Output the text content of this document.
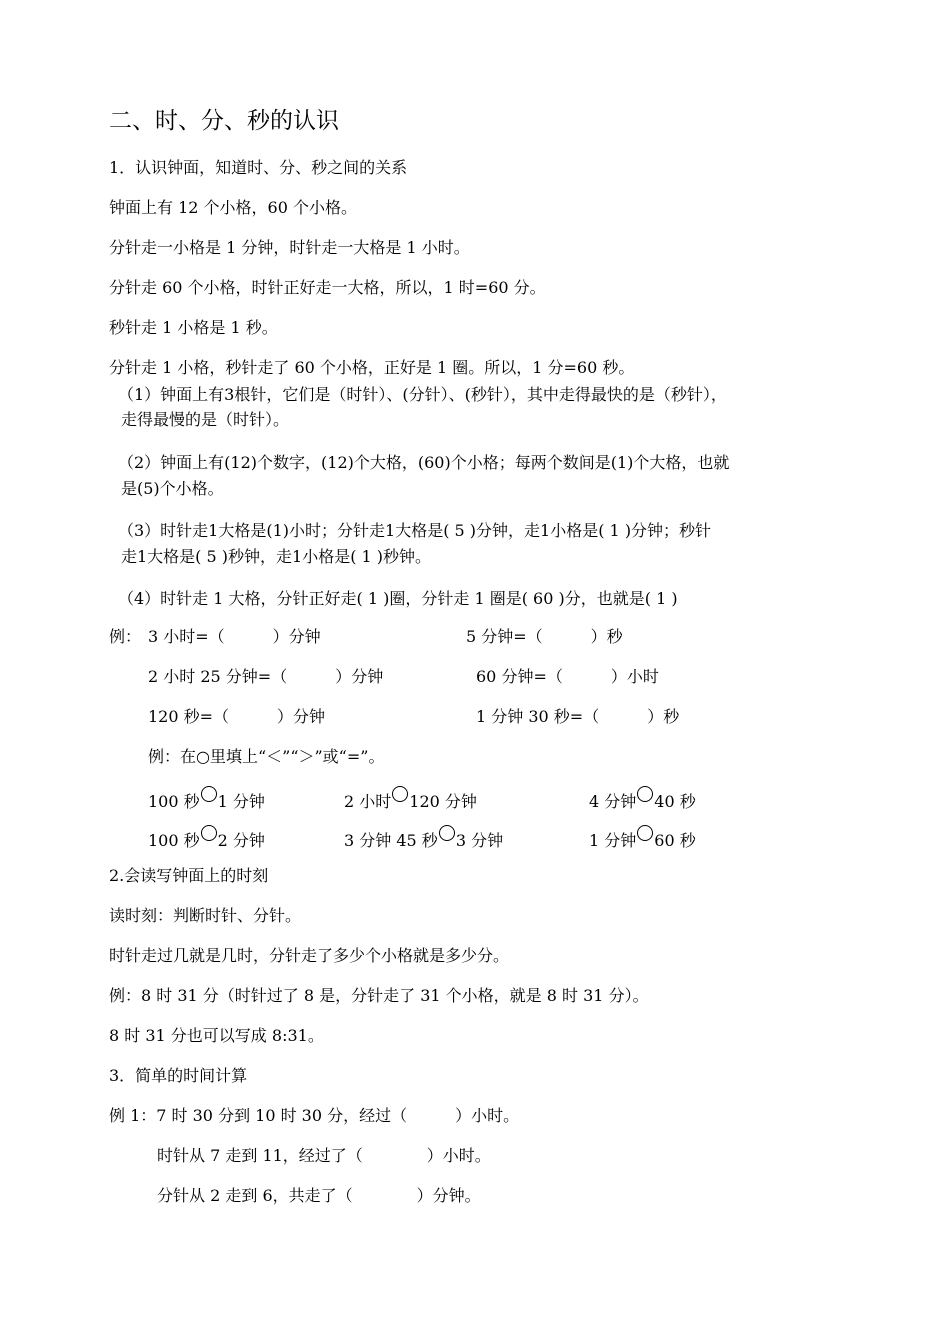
二、时、分、秒的认识
1．认识钟面，知道时、分、秒之间的关系
钟面上有 12 个小格，60 个小格。
分针走一小格是 1 分钟，时针走一大格是 1 小时。
分针走 60 个小格，时针正好走一大格，所以，1 时=60 分。
秒针走 1 小格是 1 秒。
分针走 1 小格，秒针走了 60 个小格，正好是 1 圈。所以，1 分=60 秒。
（1）钟面上有3根针，它们是（时针）、(分针）、(秒针），其中走得最快的是（秒针），
走得最慢的是（时针）。
（2）钟面上有(12)个数字，(12)个大格，(60)个小格；每两个数间是(1)个大格，也就
是(5)个小格。
（3）时针走1大格是(1)小时；分针走1大格是( 5 )分钟，走1小格是( 1 )分钟；秒针
走1大格是( 5 )秒钟，走1小格是( 1 )秒钟。
（4）时针走 1 大格，分针正好走( 1 )圈，分针走 1 圈是( 60 )分，也就是( 1 )
例： 3 小时=（　　　）分钟	5 分钟=（　　　）秒
2 小时 25 分钟=（　　　）分钟	60 分钟=（　　　）小时
120 秒=（　　　）分钟	1 分钟 30 秒=（　　　）秒
例：在○里填上“＜”“＞”或“=”。
100 秒 1 分钟	2 小时 120 分钟	4 分钟 40 秒
100 秒 2 分钟	3 分钟 45 秒 3 分钟	1 分钟 60 秒
2.会读写钟面上的时刻
读时刻：判断时针、分针。
时针走过几就是几时，分针走了多少个小格就是多少分。
例：8 时 31 分（时针过了 8 是，分针走了 31 个小格，就是 8 时 31 分）。
8 时 31 分也可以写成 8:31。
3．简单的时间计算
例 1：7 时 30 分到 10 时 30 分，经过（　　　）小时。
时针从 7 走到 11，经过了（　　　　）小时。
分针从 2 走到 6，共走了（　　　　）分钟。
